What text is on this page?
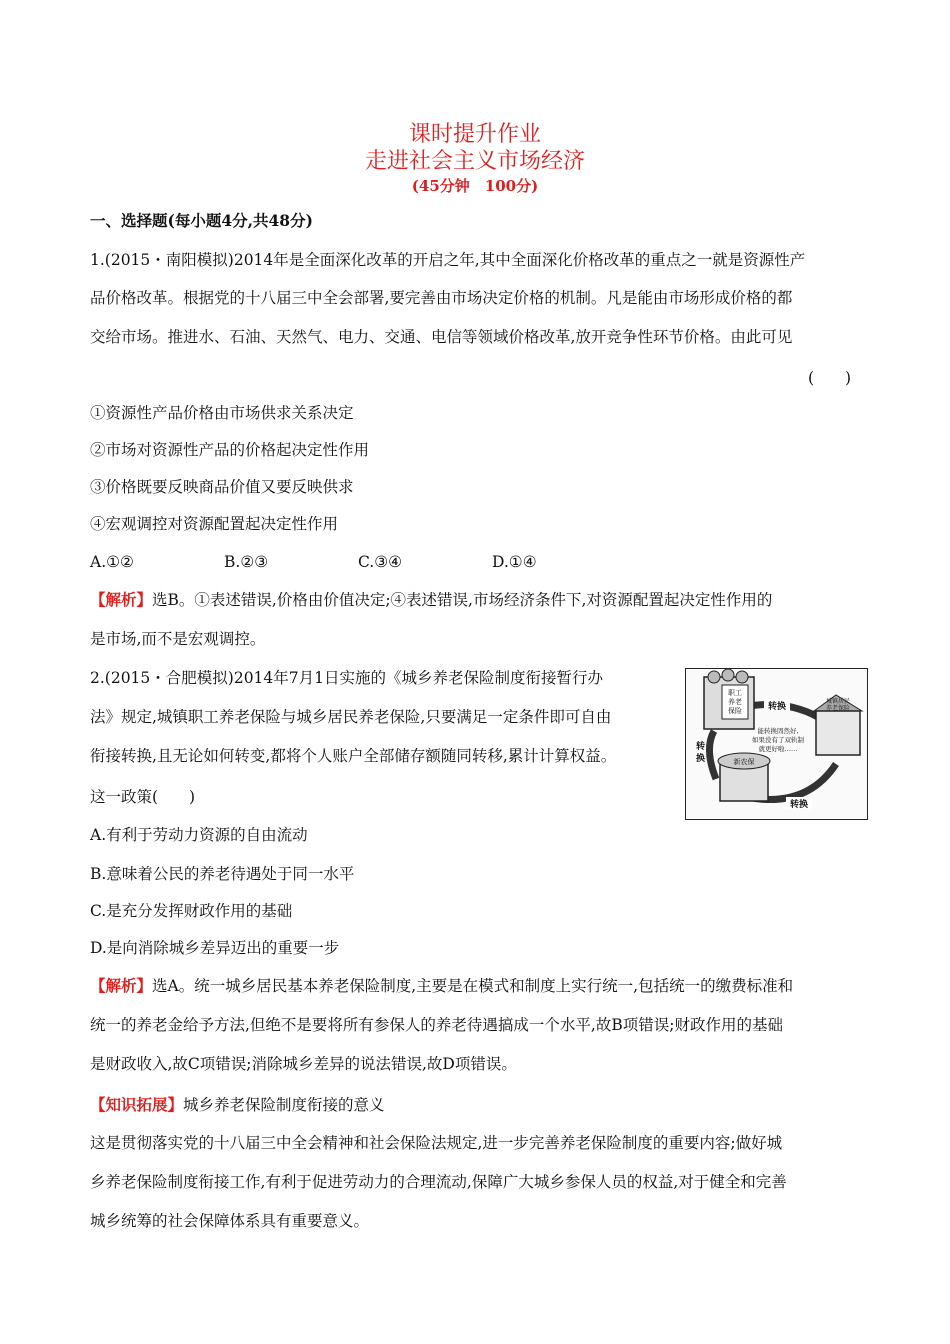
课时提升作业
走进社会主义市场经济
(45分钟　100分)
一、选择题(每小题4分,共48分)
1.(2015・南阳模拟)2014年是全面深化改革的开启之年,其中全面深化价格改革的重点之一就是资源性产
品价格改革。根据党的十八届三中全会部署,要完善由市场决定价格的机制。凡是能由市场形成价格的都
交给市场。推进水、石油、天然气、电力、交通、电信等领域价格改革,放开竞争性环节价格。由此可见
(　　)
①资源性产品价格由市场供求关系决定
②市场对资源性产品的价格起决定性作用
③价格既要反映商品价值又要反映供求
④宏观调控对资源配置起决定性作用
A.①②	B.②③	C.③④	D.①④
【解析】选B。①表述错误,价格由价值决定;④表述错误,市场经济条件下,对资源配置起决定性作用的
是市场,而不是宏观调控。
2.(2015・合肥模拟)2014年7月1日实施的《城乡养老保险制度衔接暂行办
法》规定,城镇职工养老保险与城乡居民养老保险,只要满足一定条件即可自由
衔接转换,且无论如何转变,都将个人账户全部储存额随同转移,累计计算权益。
这一政策(　　)
职工
养老
保险
城镇居民
养老保险
新农保
转换
转
换
转换
能转换固然好,
如果没有了双轨制
就更好啦……
A.有利于劳动力资源的自由流动
B.意味着公民的养老待遇处于同一水平
C.是充分发挥财政作用的基础
D.是向消除城乡差异迈出的重要一步
【解析】选A。统一城乡居民基本养老保险制度,主要是在模式和制度上实行统一,包括统一的缴费标准和
统一的养老金给予方法,但绝不是要将所有参保人的养老待遇搞成一个水平,故B项错误;财政作用的基础
是财政收入,故C项错误;消除城乡差异的说法错误,故D项错误。
【知识拓展】城乡养老保险制度衔接的意义
这是贯彻落实党的十八届三中全会精神和社会保险法规定,进一步完善养老保险制度的重要内容;做好城
乡养老保险制度衔接工作,有利于促进劳动力的合理流动,保障广大城乡参保人员的权益,对于健全和完善
城乡统筹的社会保障体系具有重要意义。
